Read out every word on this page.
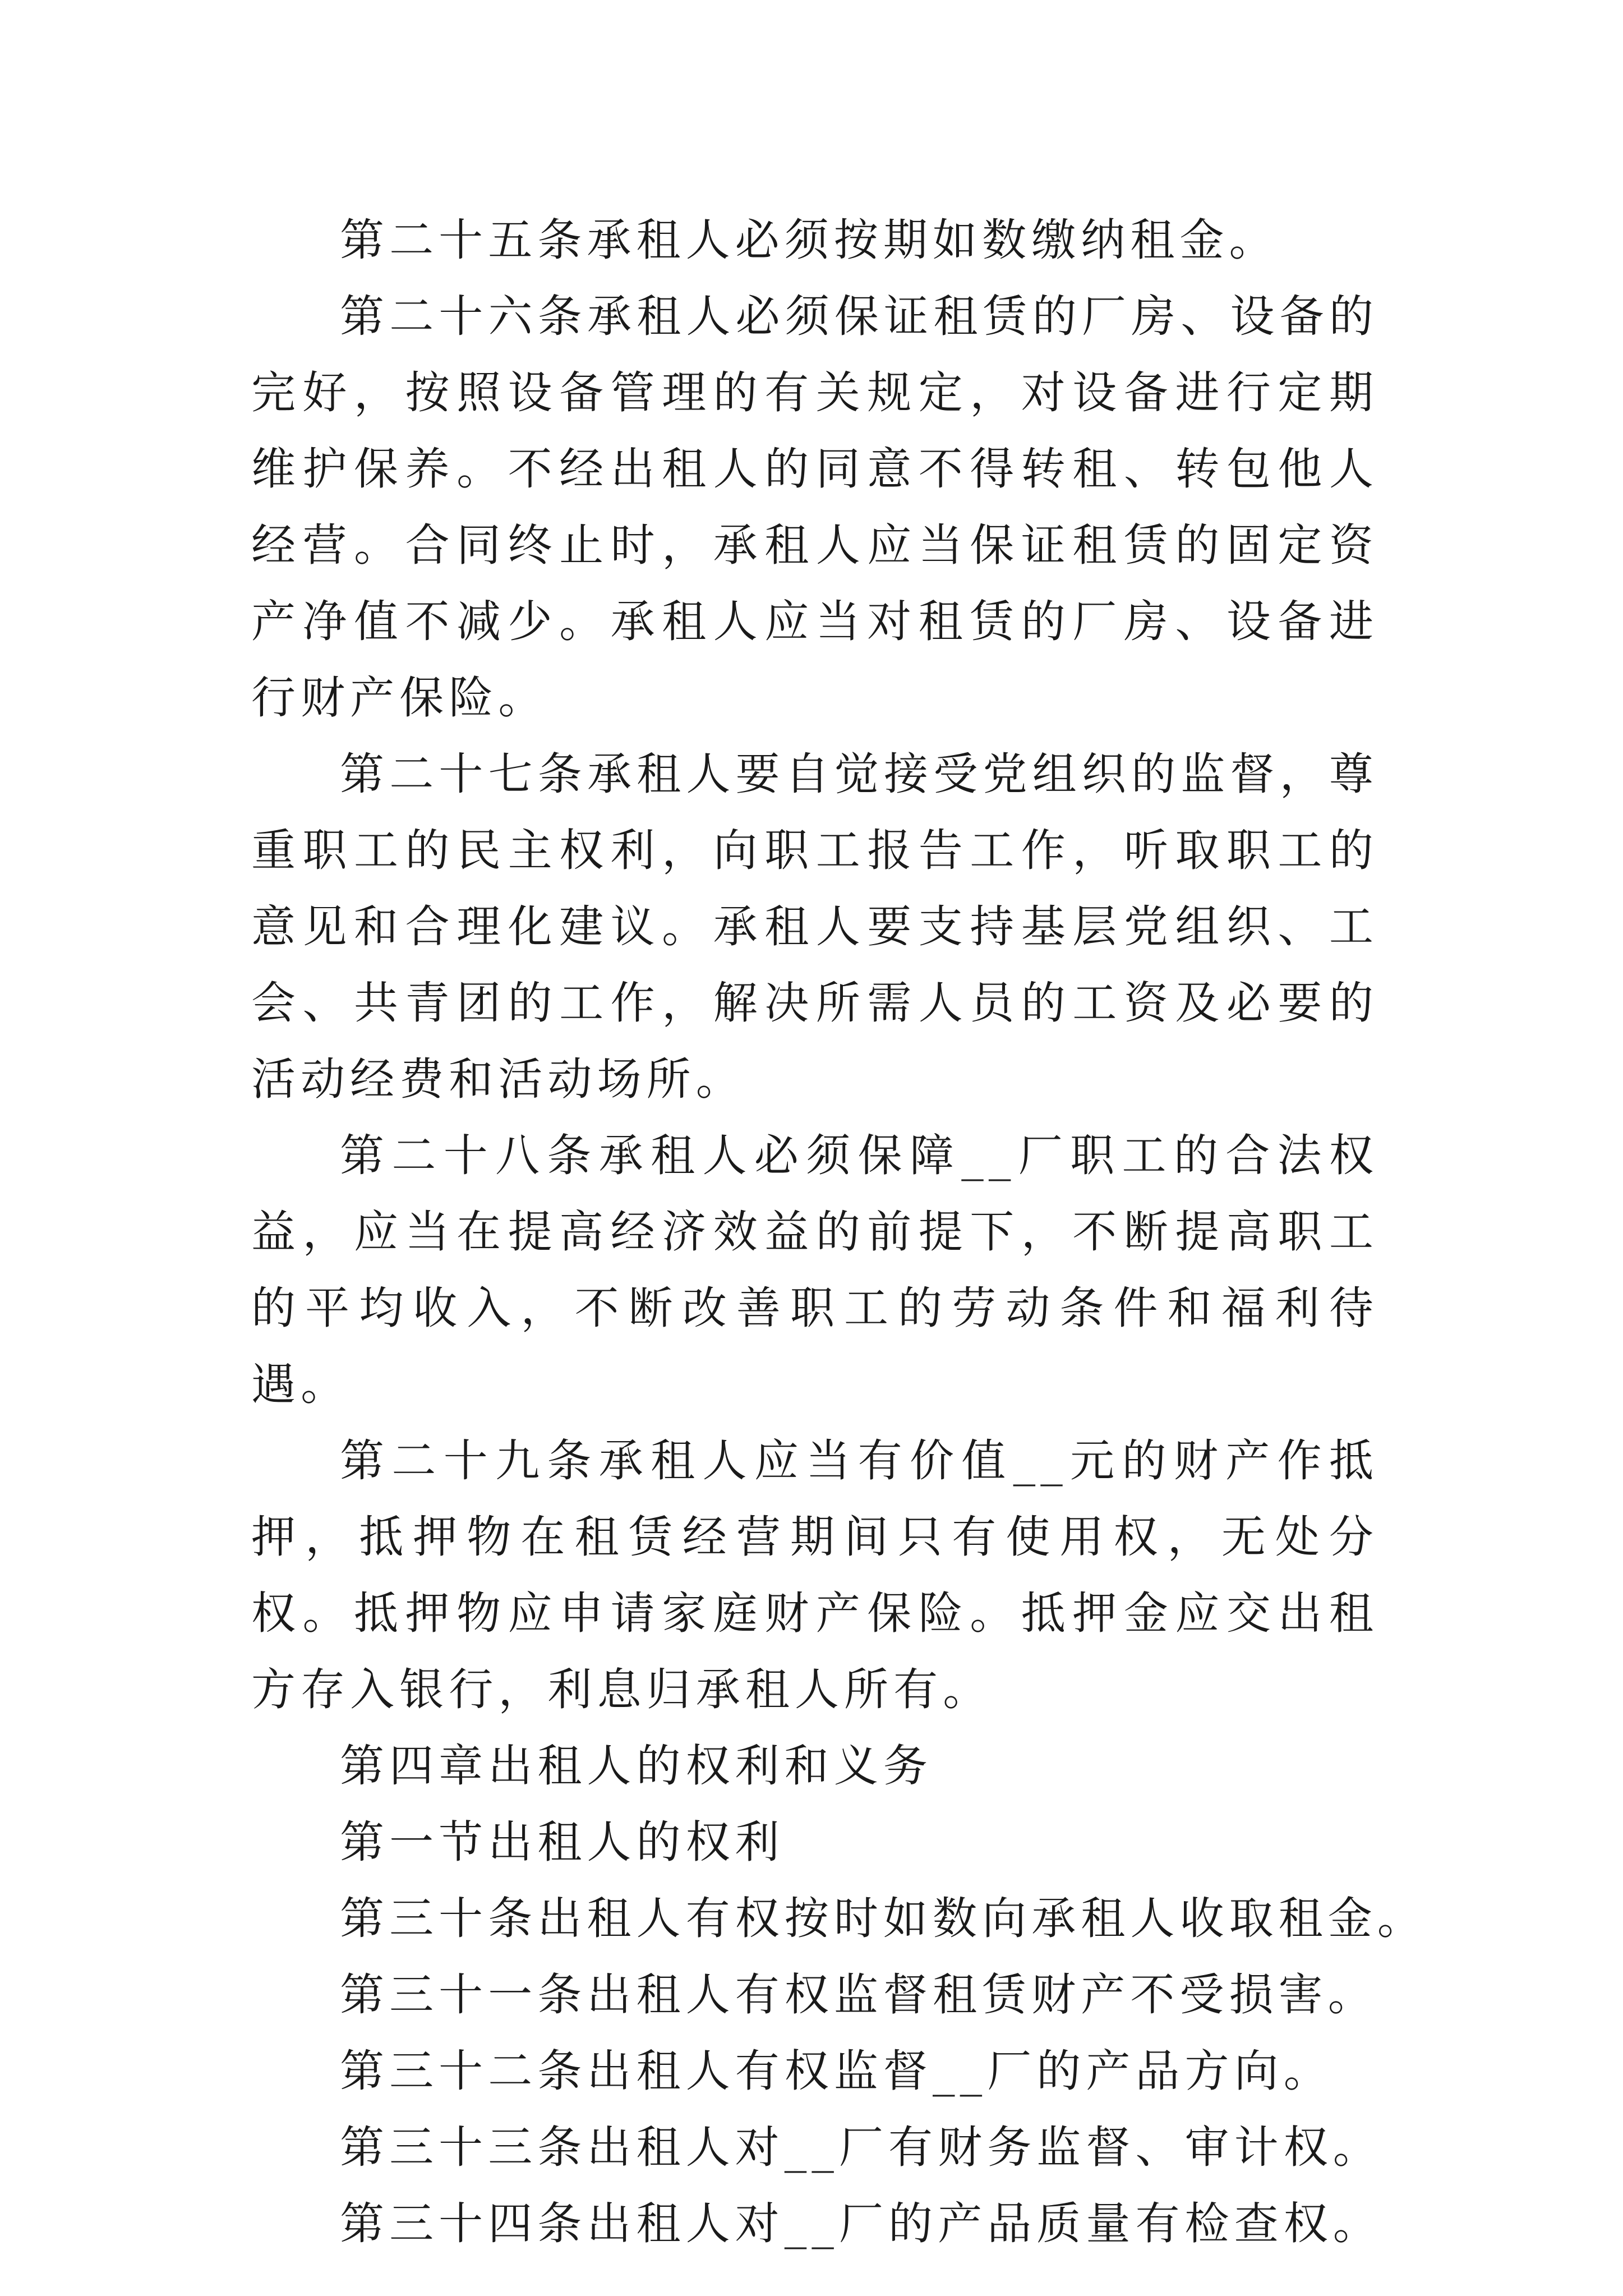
第二十五条承租人必须按期如数缴纳租金。

第二十六条承租人必须保证租赁的厂房、设备的完好，按照设备管理的有关规定，对设备进行定期维护保养。不经出租人的同意不得转租、转包他人经营。合同终止时，承租人应当保证租赁的固定资产净值不减少。承租人应当对租赁的厂房、设备进行财产保险。

第二十七条承租人要自觉接受党组织的监督，尊重职工的民主权利，向职工报告工作，听取职工的意见和合理化建议。承租人要支持基层党组织、工会、共青团的工作，解决所需人员的工资及必要的活动经费和活动场所。

第二十八条承租人必须保障__厂职工的合法权益，应当在提高经济效益的前提下，不断提高职工的平均收入，不断改善职工的劳动条件和福利待遇。

第二十九条承租人应当有价值__元的财产作抵押，抵押物在租赁经营期间只有使用权，无处分权。抵押物应申请家庭财产保险。抵押金应交出租方存入银行，利息归承租人所有。

第四章出租人的权利和义务

第一节出租人的权利

第三十条出租人有权按时如数向承租人收取租金。

第三十一条出租人有权监督租赁财产不受损害。

第三十二条出租人有权监督__厂的产品方向。

第三十三条出租人对__厂有财务监督、审计权。

第三十四条出租人对__厂的产品质量有检查权。
